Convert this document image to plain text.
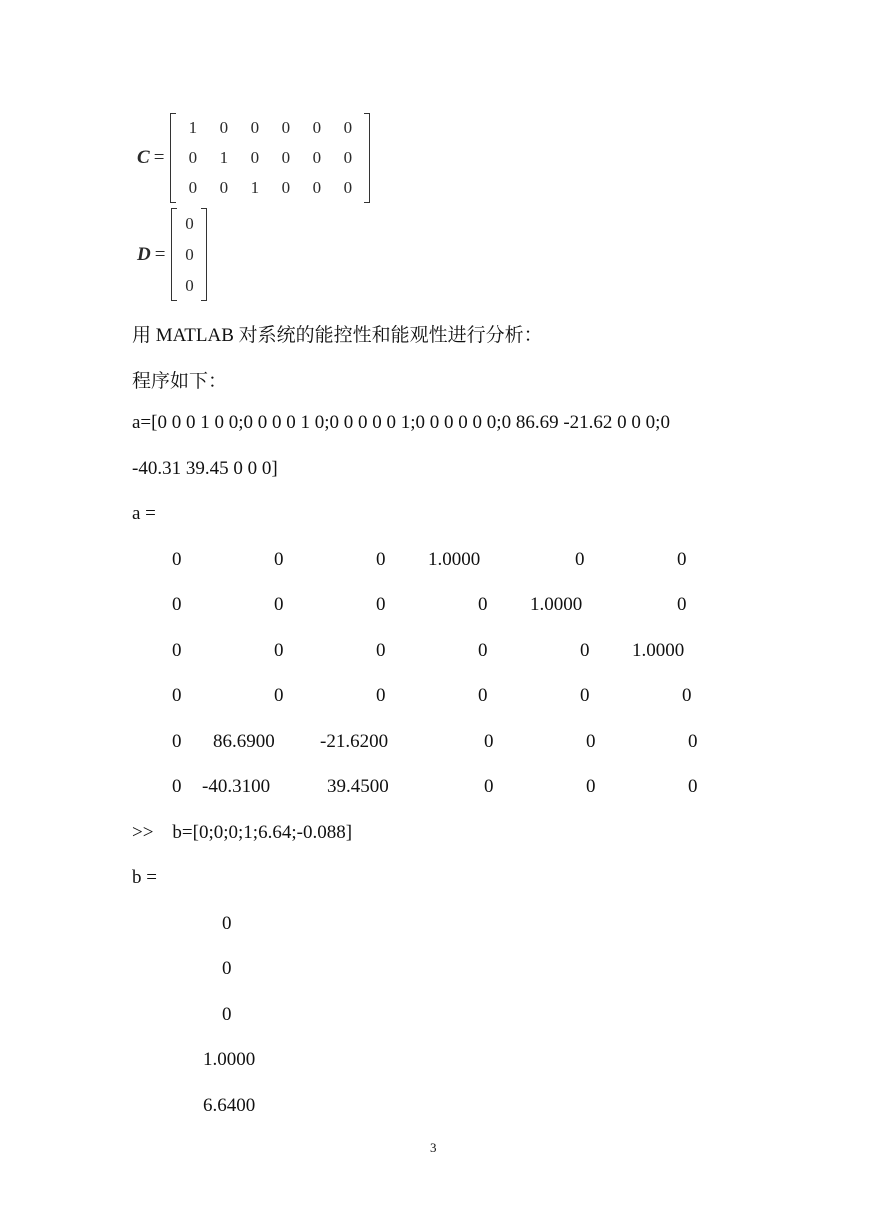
C =
1	0	0	0	0	0
0	1	0	0	0	0
0	0	1	0	0	0
D =
0
0
0
用 MATLAB 对系统的能控性和能观性进行分析：
程序如下：
a=[0 0 0 1 0 0;0 0 0 0 1 0;0 0 0 0 0 1;0 0 0 0 0 0;0 86.69 -21.62 0 0 0;0
-40.31 39.45 0 0 0]
a =
0	0	0 1.0000	0	0
0	0	0	0 1.0000	0
0	0	0	0	0 1.0000
0	0	0	0	0	0
0 86.6900 -21.6200	0	0	0
0 -40.3100	39.4500	0	0	0
>>    b=[0;0;0;1;6.64;-0.088]
b =
0
0
0
1.0000
6.6400
3
